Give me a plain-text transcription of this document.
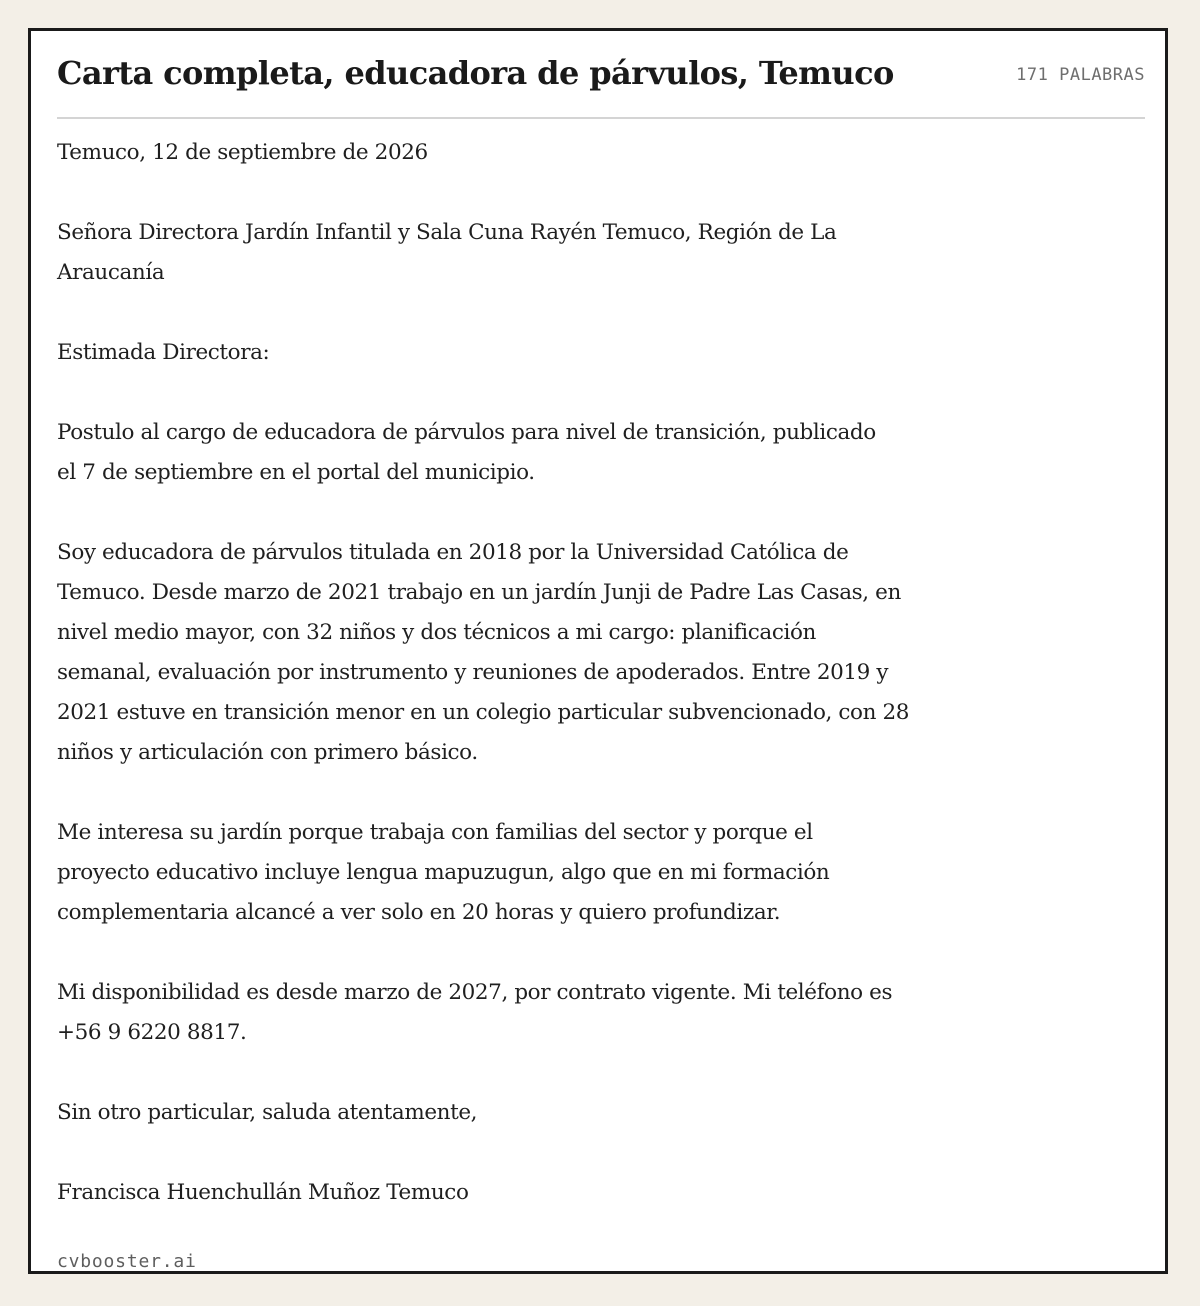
Carta completa, educadora de párvulos, Temuco	171 PALABRAS

Temuco, 12 de septiembre de 2026

Señora Directora Jardín Infantil y Sala Cuna Rayén Temuco, Región de La
Araucanía

Estimada Directora:

Postulo al cargo de educadora de párvulos para nivel de transición, publicado
el 7 de septiembre en el portal del municipio.

Soy educadora de párvulos titulada en 2018 por la Universidad Católica de
Temuco. Desde marzo de 2021 trabajo en un jardín Junji de Padre Las Casas, en
nivel medio mayor, con 32 niños y dos técnicos a mi cargo: planificación
semanal, evaluación por instrumento y reuniones de apoderados. Entre 2019 y
2021 estuve en transición menor en un colegio particular subvencionado, con 28
niños y articulación con primero básico.

Me interesa su jardín porque trabaja con familias del sector y porque el
proyecto educativo incluye lengua mapuzugun, algo que en mi formación
complementaria alcancé a ver solo en 20 horas y quiero profundizar.

Mi disponibilidad es desde marzo de 2027, por contrato vigente. Mi teléfono es
+56 9 6220 8817.

Sin otro particular, saluda atentamente,

Francisca Huenchullán Muñoz Temuco

cvbooster.ai
